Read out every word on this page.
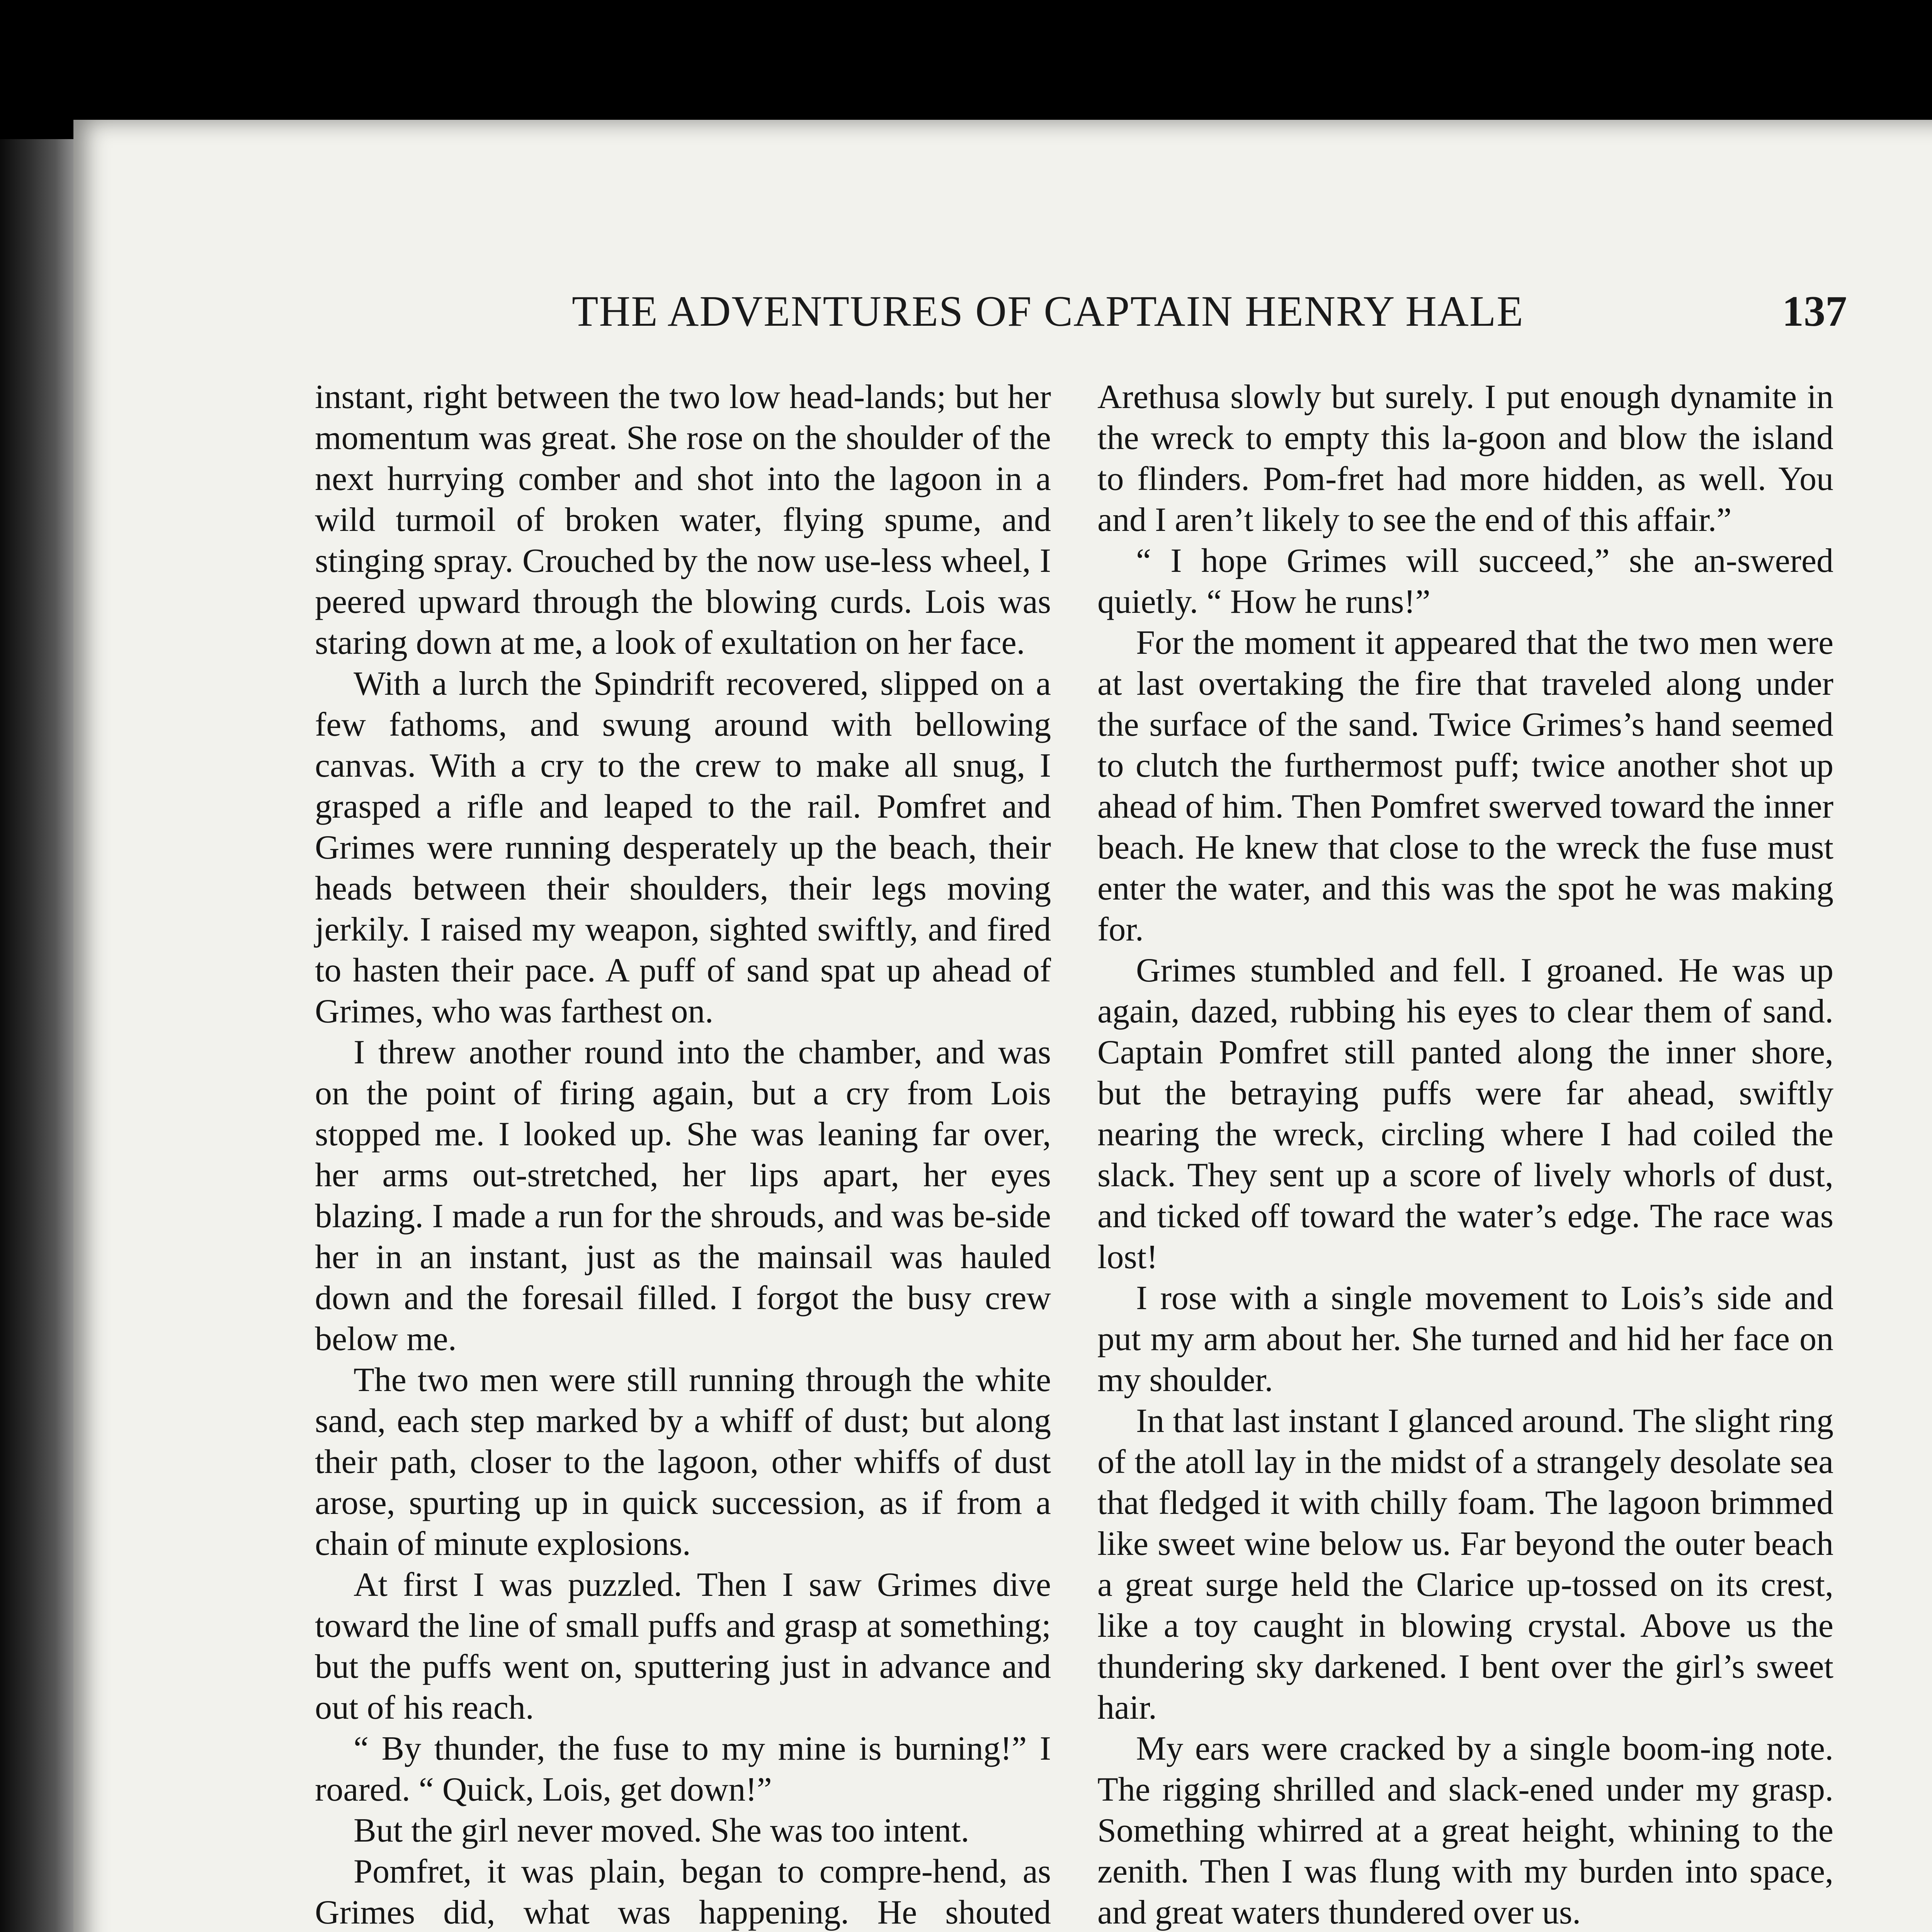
THE ADVENTURES OF CAPTAIN HENRY HALE	137

instant, right between the two low head-lands; but her momentum was great. She rose on the shoulder of the next hurrying comber and shot into the lagoon in a wild turmoil of broken water, flying spume, and stinging spray. Crouched by the now use-less wheel, I peered upward through the blowing curds. Lois was staring down at me, a look of exultation on her face.

With a lurch the Spindrift recovered, slipped on a few fathoms, and swung around with bellowing canvas. With a cry to the crew to make all snug, I grasped a rifle and leaped to the rail. Pomfret and Grimes were running desperately up the beach, their heads between their shoulders, their legs moving jerkily. I raised my weapon, sighted swiftly, and fired to hasten their pace. A puff of sand spat up ahead of Grimes, who was farthest on.

I threw another round into the chamber, and was on the point of firing again, but a cry from Lois stopped me. I looked up. She was leaning far over, her arms out-stretched, her lips apart, her eyes blazing. I made a run for the shrouds, and was be-side her in an instant, just as the mainsail was hauled down and the foresail filled. I forgot the busy crew below me.

The two men were still running through the white sand, each step marked by a whiff of dust; but along their path, closer to the lagoon, other whiffs of dust arose, spurting up in quick succession, as if from a chain of minute explosions.

At first I was puzzled. Then I saw Grimes dive toward the line of small puffs and grasp at something; but the puffs went on, sputtering just in advance and out of his reach.

“ By thunder, the fuse to my mine is burning!” I roared. “ Quick, Lois, get down!”

But the girl never moved. She was too intent.

Pomfret, it was plain, began to compre-hend, as Grimes did, what was happening. He shouted

Arethusa slowly but surely. I put enough dynamite in the wreck to empty this la-goon and blow the island to flinders. Pom-fret had more hidden, as well. You and I aren’t likely to see the end of this affair.”

“ I hope Grimes will succeed,” she an-swered quietly. “ How he runs!”

For the moment it appeared that the two men were at last overtaking the fire that traveled along under the surface of the sand. Twice Grimes’s hand seemed to clutch the furthermost puff; twice another shot up ahead of him. Then Pomfret swerved toward the inner beach. He knew that close to the wreck the fuse must enter the water, and this was the spot he was making for.

Grimes stumbled and fell. I groaned. He was up again, dazed, rubbing his eyes to clear them of sand. Captain Pomfret still panted along the inner shore, but the betraying puffs were far ahead, swiftly nearing the wreck, circling where I had coiled the slack. They sent up a score of lively whorls of dust, and ticked off toward the water’s edge. The race was lost!

I rose with a single movement to Lois’s side and put my arm about her. She turned and hid her face on my shoulder.

In that last instant I glanced around. The slight ring of the atoll lay in the midst of a strangely desolate sea that fledged it with chilly foam. The lagoon brimmed like sweet wine below us. Far beyond the outer beach a great surge held the Clarice up-tossed on its crest, like a toy caught in blowing crystal. Above us the thundering sky darkened. I bent over the girl’s sweet hair.

My ears were cracked by a single boom-ing note. The rigging shrilled and slack-ened under my grasp. Something whirred at a great height, whining to the zenith. Then I was flung with my burden into space, and great waters thundered over us.
